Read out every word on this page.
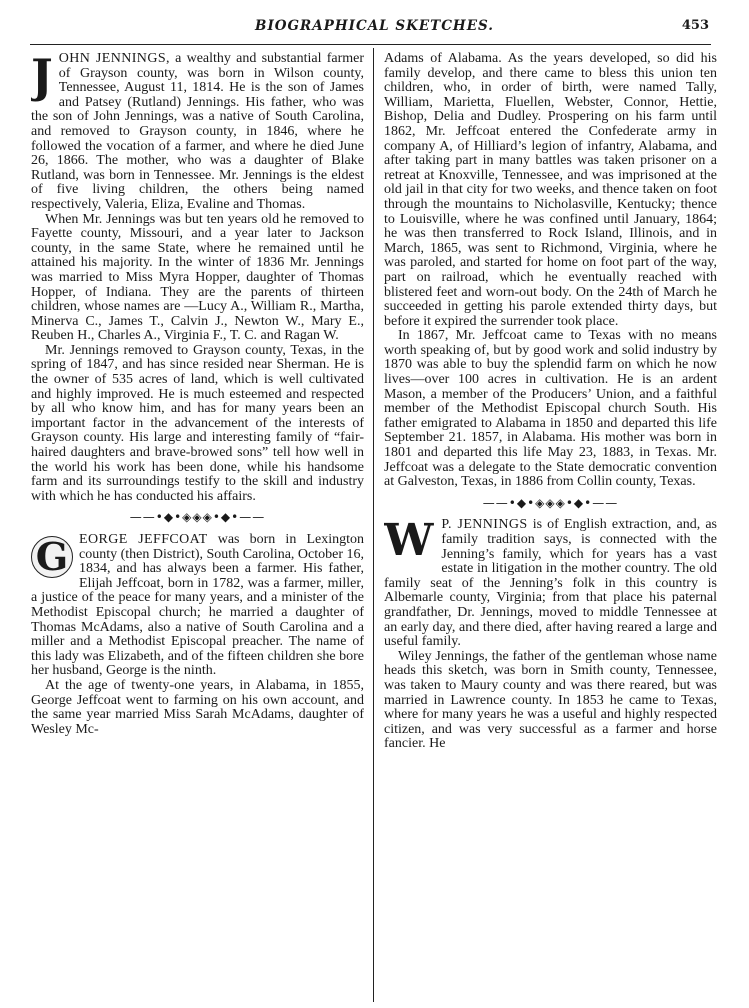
BIOGRAPHICAL SKETCHES.	453

JOHN JENNINGS, a wealthy and substantial farmer of Grayson county, was born in Wilson county, Tennessee, August 11, 1814. He is the son of James and Patsey (Rutland) Jennings. His father, who was the son of John Jennings, was a native of South Carolina, and removed to Grayson county, in 1846, where he followed the vocation of a farmer, and where he died June 26, 1866. The mother, who was a daughter of Blake Rutland, was born in Tennessee. Mr. Jennings is the eldest of five living children, the others being named respectively, Valeria, Eliza, Evaline and Thomas.

When Mr. Jennings was but ten years old he removed to Fayette county, Missouri, and a year later to Jackson county, in the same State, where he remained until he attained his majority. In the winter of 1836 Mr. Jennings was married to Miss Myra Hopper, daughter of Thomas Hopper, of Indiana. They are the parents of thirteen children, whose names are —Lucy A., William R., Martha, Minerva C., James T., Calvin J., Newton W., Mary E., Reuben H., Charles A., Virginia F., T. C. and Ragan W.

Mr. Jennings removed to Grayson county, Texas, in the spring of 1847, and has since resided near Sherman. He is the owner of 535 acres of land, which is well cultivated and highly improved. He is much esteemed and respected by all who know him, and has for many years been an important factor in the advancement of the interests of Grayson county. His large and interesting family of “fair-haired daughters and brave-browed sons” tell how well in the world his work has been done, while his handsome farm and its surroundings testify to the skill and industry with which he has conducted his affairs.

——•◆•◈◈◈•◆•——

G EORGE JEFFCOAT was born in Lexington county (then District), South Carolina, October 16, 1834, and has always been a farmer. His father, Elijah Jeffcoat, born in 1782, was a farmer, miller, a justice of the peace for many years, and a minister of the Methodist Episcopal church; he married a daughter of Thomas McAdams, also a native of South Carolina and a miller and a Methodist Episcopal preacher. The name of this lady was Elizabeth, and of the fifteen children she bore her husband, George is the ninth.

At the age of twenty-one years, in Alabama, in 1855, George Jeffcoat went to farming on his own account, and the same year married Miss Sarah McAdams, daughter of Wesley Mc-

Adams of Alabama. As the years developed, so did his family develop, and there came to bless this union ten children, who, in order of birth, were named Tally, William, Marietta, Fluellen, Webster, Connor, Hettie, Bishop, Delia and Dudley. Prospering on his farm until 1862, Mr. Jeffcoat entered the Confederate army in company A, of Hilliard’s legion of infantry, Alabama, and after taking part in many battles was taken prisoner on a retreat at Knoxville, Tennessee, and was imprisoned at the old jail in that city for two weeks, and thence taken on foot through the mountains to Nicholasville, Kentucky; thence to Louisville, where he was confined until January, 1864; he was then transferred to Rock Island, Illinois, and in March, 1865, was sent to Richmond, Virginia, where he was paroled, and started for home on foot part of the way, part on railroad, which he eventually reached with blistered feet and worn-out body. On the 24th of March he succeeded in getting his parole extended thirty days, but before it expired the surrender took place.

In 1867, Mr. Jeffcoat came to Texas with no means worth speaking of, but by good work and solid industry by 1870 was able to buy the splendid farm on which he now lives—over 100 acres in cultivation. He is an ardent Mason, a member of the Producers’ Union, and a faithful member of the Methodist Episcopal church South. His father emigrated to Alabama in 1850 and departed this life September 21. 1857, in Alabama. His mother was born in 1801 and departed this life May 23, 1883, in Texas. Mr. Jeffcoat was a delegate to the State democratic convention at Galveston, Texas, in 1886 from Collin county, Texas.

——•◆•◈◈◈•◆•——

W P. JENNINGS is of English extraction, and, as family tradition says, is connected with the Jenning’s family, which for years has a vast estate in litigation in the mother country. The old family seat of the Jenning’s folk in this country is Albemarle county, Virginia; from that place his paternal grandfather, Dr. Jennings, moved to middle Tennessee at an early day, and there died, after having reared a large and useful family.

Wiley Jennings, the father of the gentleman whose name heads this sketch, was born in Smith county, Tennessee, was taken to Maury county and was there reared, but was married in Lawrence county. In 1853 he came to Texas, where for many years he was a useful and highly respected citizen, and was very successful as a farmer and horse fancier. He
